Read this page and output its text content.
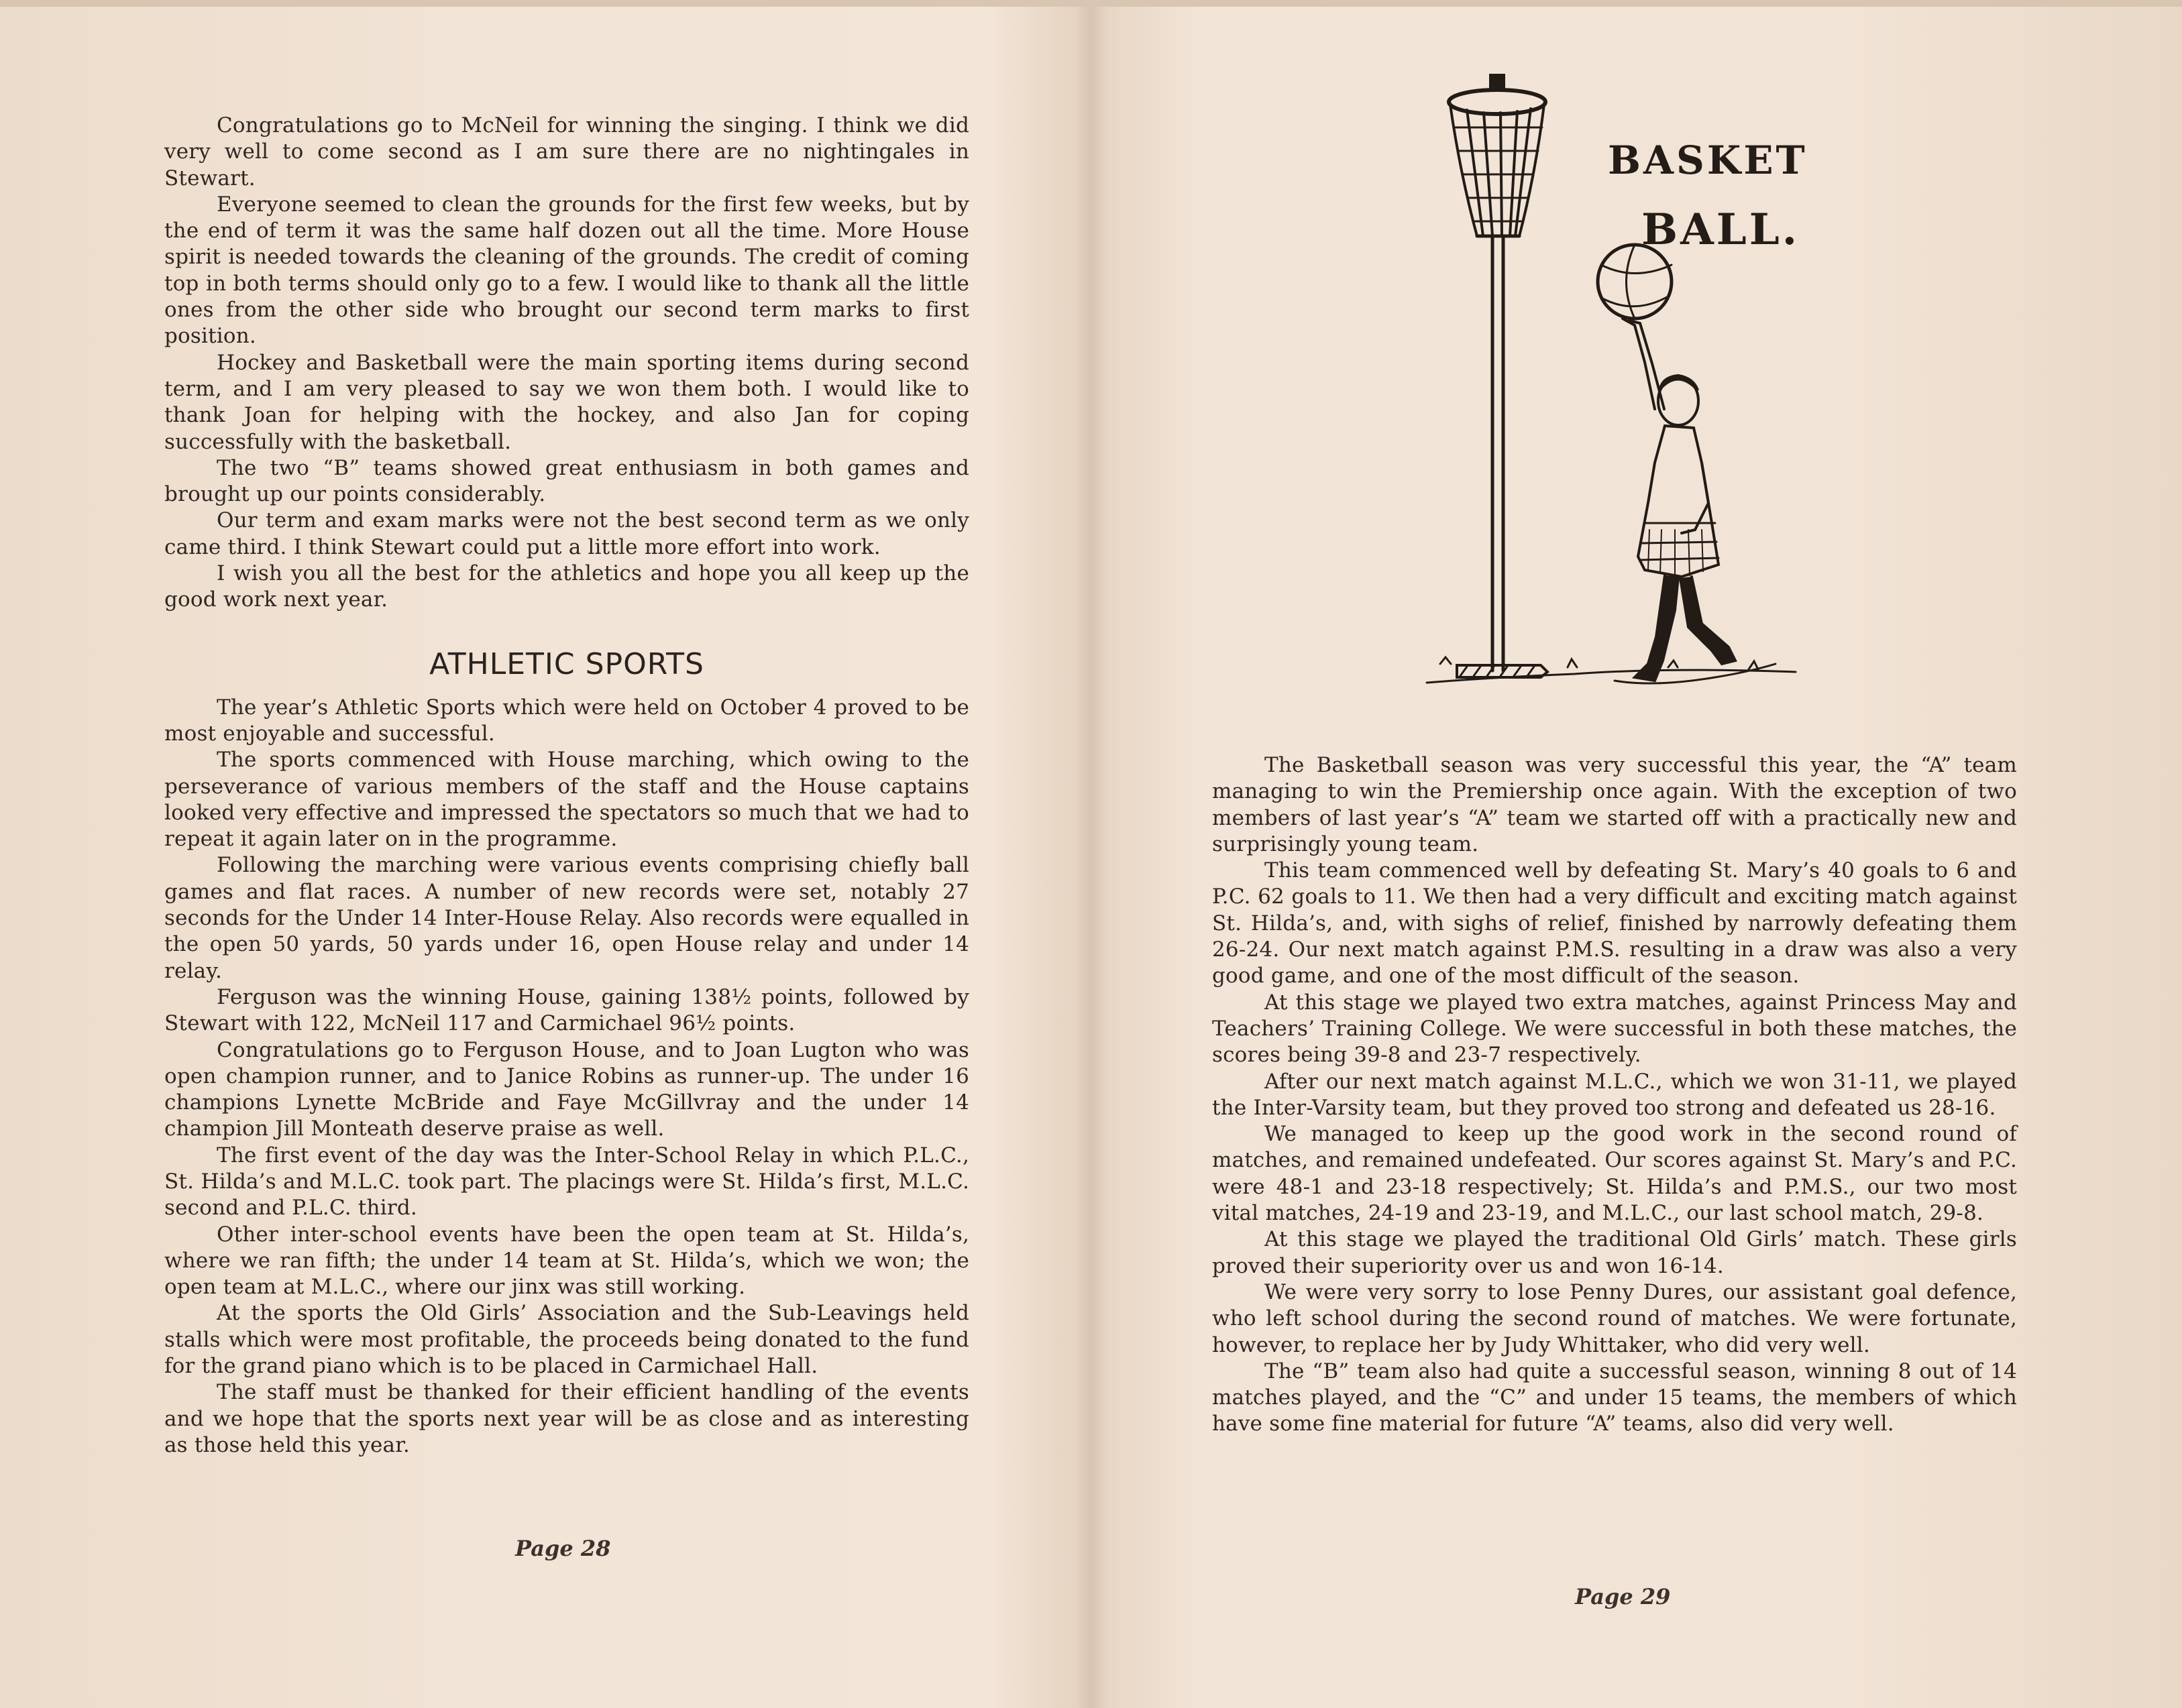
Congratulations go to McNeil for winning the singing. I think we did very well to come second as I am sure there are no nightingales in Stewart.

Everyone seemed to clean the grounds for the first few weeks, but by the end of term it was the same half dozen out all the time. More House spirit is needed towards the cleaning of the grounds. The credit of coming top in both terms should only go to a few. I would like to thank all the little ones from the other side who brought our second term marks to first position.

Hockey and Basketball were the main sporting items during second term, and I am very pleased to say we won them both. I would like to thank Joan for helping with the hockey, and also Jan for coping successfully with the basketball.

The two “B” teams showed great enthusiasm in both games and brought up our points considerably.

Our term and exam marks were not the best second term as we only came third. I think Stewart could put a little more effort into work.

I wish you all the best for the athletics and hope you all keep up the good work next year.

ATHLETIC SPORTS

The year’s Athletic Sports which were held on October 4 proved to be most enjoyable and successful.

The sports commenced with House marching, which owing to the perseverance of various members of the staff and the House captains looked very effective and impressed the spectators so much that we had to repeat it again later on in the programme.

Following the marching were various events comprising chiefly ball games and flat races. A number of new records were set, notably 27 seconds for the Under 14 Inter-House Relay. Also records were equalled in the open 50 yards, 50 yards under 16, open House relay and under 14 relay.

Ferguson was the winning House, gaining 138½ points, followed by Stewart with 122, McNeil 117 and Carmichael 96½ points.

Congratulations go to Ferguson House, and to Joan Lugton who was open champion runner, and to Janice Robins as runner-up. The under 16 champions Lynette McBride and Faye McGillvray and the under 14 champion Jill Monteath deserve praise as well.

The first event of the day was the Inter-School Relay in which P.L.C., St. Hilda’s and M.L.C. took part. The placings were St. Hilda’s first, M.L.C. second and P.L.C. third.

Other inter-school events have been the open team at St. Hilda’s, where we ran fifth; the under 14 team at St. Hilda’s, which we won; the open team at M.L.C., where our jinx was still working.

At the sports the Old Girls’ Association and the Sub-Leavings held stalls which were most profitable, the proceeds being donated to the fund for the grand piano which is to be placed in Carmichael Hall.

The staff must be thanked for their efficient handling of the events and we hope that the sports next year will be as close and as interesting as those held this year.

Page 28
BASKET
BALL.

The Basketball season was very successful this year, the “A” team managing to win the Premiership once again. With the exception of two members of last year’s “A” team we started off with a practically new and surprisingly young team.

This team commenced well by defeating St. Mary’s 40 goals to 6 and P.C. 62 goals to 11. We then had a very difficult and exciting match against St. Hilda’s, and, with sighs of relief, finished by narrowly defeating them 26-24. Our next match against P.M.S. resulting in a draw was also a very good game, and one of the most difficult of the season.

At this stage we played two extra matches, against Princess May and Teachers’ Training College. We were successful in both these matches, the scores being 39-8 and 23-7 respectively.

After our next match against M.L.C., which we won 31-11, we played the Inter-Varsity team, but they proved too strong and defeated us 28-16.

We managed to keep up the good work in the second round of matches, and remained undefeated. Our scores against St. Mary’s and P.C. were 48-1 and 23-18 respectively; St. Hilda’s and P.M.S., our two most vital matches, 24-19 and 23-19, and M.L.C., our last school match, 29-8.

At this stage we played the traditional Old Girls’ match. These girls proved their superiority over us and won 16-14.

We were very sorry to lose Penny Dures, our assistant goal defence, who left school during the second round of matches. We were fortunate, however, to replace her by Judy Whittaker, who did very well.

The “B” team also had quite a successful season, winning 8 out of 14 matches played, and the “C” and under 15 teams, the members of which have some fine material for future “A” teams, also did very well.

Page 29
